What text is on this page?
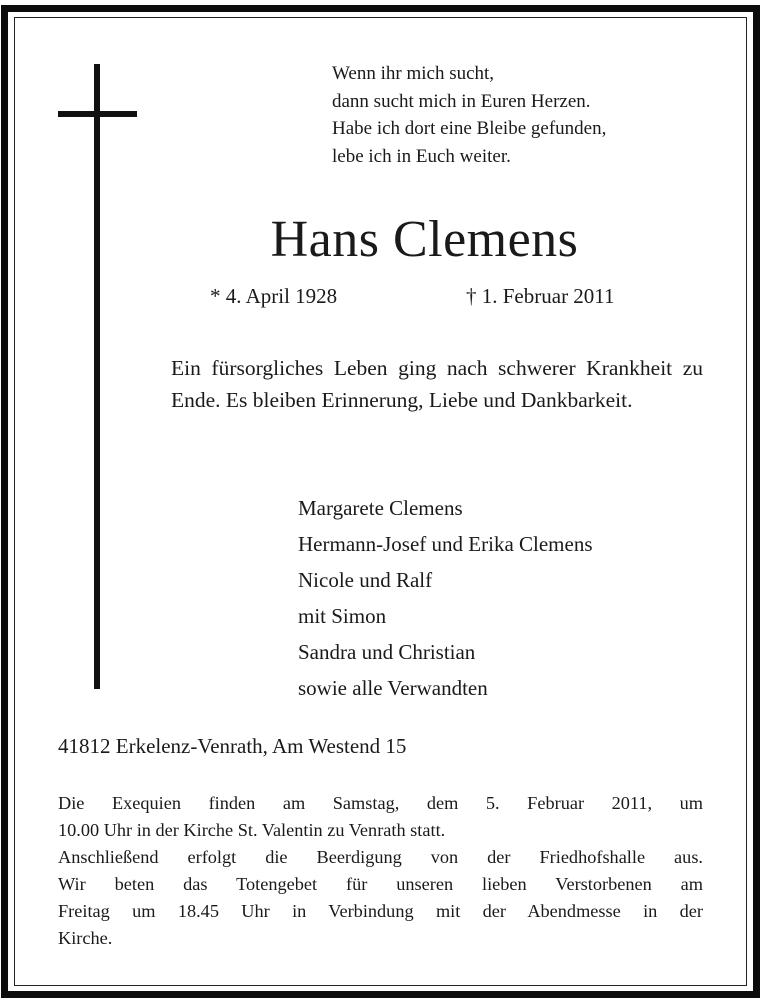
Wenn ihr mich sucht,
dann sucht mich in Euren Herzen.
Habe ich dort eine Bleibe gefunden,
lebe ich in Euch weiter.
Hans Clemens
* 4. April 1928	† 1. Februar 2011
Ein fürsorgliches Leben ging nach schwerer Krankheit zu Ende. Es bleiben Erinnerung, Liebe und Dankbarkeit.
Margarete Clemens
Hermann-Josef und Erika Clemens
Nicole und Ralf
mit Simon
Sandra und Christian
sowie alle Verwandten
41812 Erkelenz-Venrath, Am Westend 15
Die Exequien finden am Samstag, dem 5. Februar 2011, um
10.00 Uhr in der Kirche St. Valentin zu Venrath statt.
Anschließend erfolgt die Beerdigung von der Friedhofshalle aus.
Wir beten das Totengebet für unseren lieben Verstorbenen am
Freitag um 18.45 Uhr in Verbindung mit der Abendmesse in der
Kirche.
